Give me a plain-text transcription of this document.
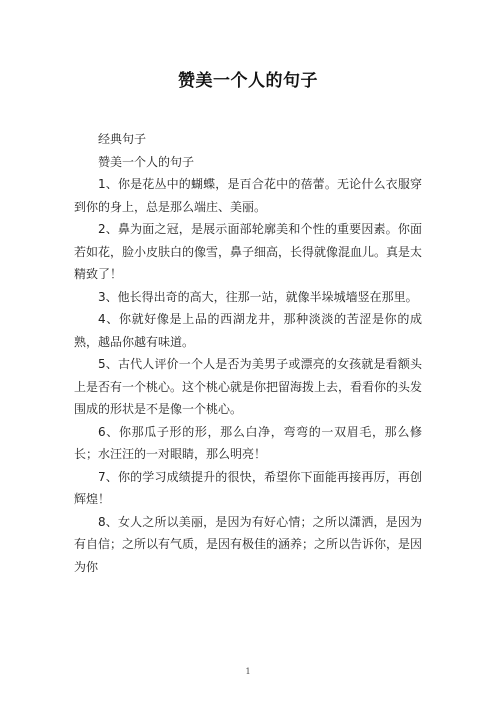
赞美一个人的句子

经典句子

赞美一个人的句子

1、你是花丛中的蝴蝶，是百合花中的蓓蕾。无论什么衣服穿到你的身上，总是那么端庄、美丽。

2、鼻为面之冠，是展示面部轮廓美和个性的重要因素。你面若如花，脸小皮肤白的像雪，鼻子细高，长得就像混血儿。真是太精致了！

3、他长得出奇的高大，往那一站，就像半垛城墙竖在那里。

4、你就好像是上品的西湖龙井，那种淡淡的苦涩是你的成熟，越品你越有味道。

5、古代人评价一个人是否为美男子或漂亮的女孩就是看额头上是否有一个桃心。这个桃心就是你把留海拨上去，看看你的头发围成的形状是不是像一个桃心。

6、你那瓜子形的形，那么白净，弯弯的一双眉毛，那么修长；水汪汪的一对眼睛，那么明亮！

7、你的学习成绩提升的很快，希望你下面能再接再厉，再创辉煌！

8、女人之所以美丽，是因为有好心情；之所以潇洒，是因为有自信；之所以有气质，是因有极佳的涵养；之所以告诉你，是因为你

1
